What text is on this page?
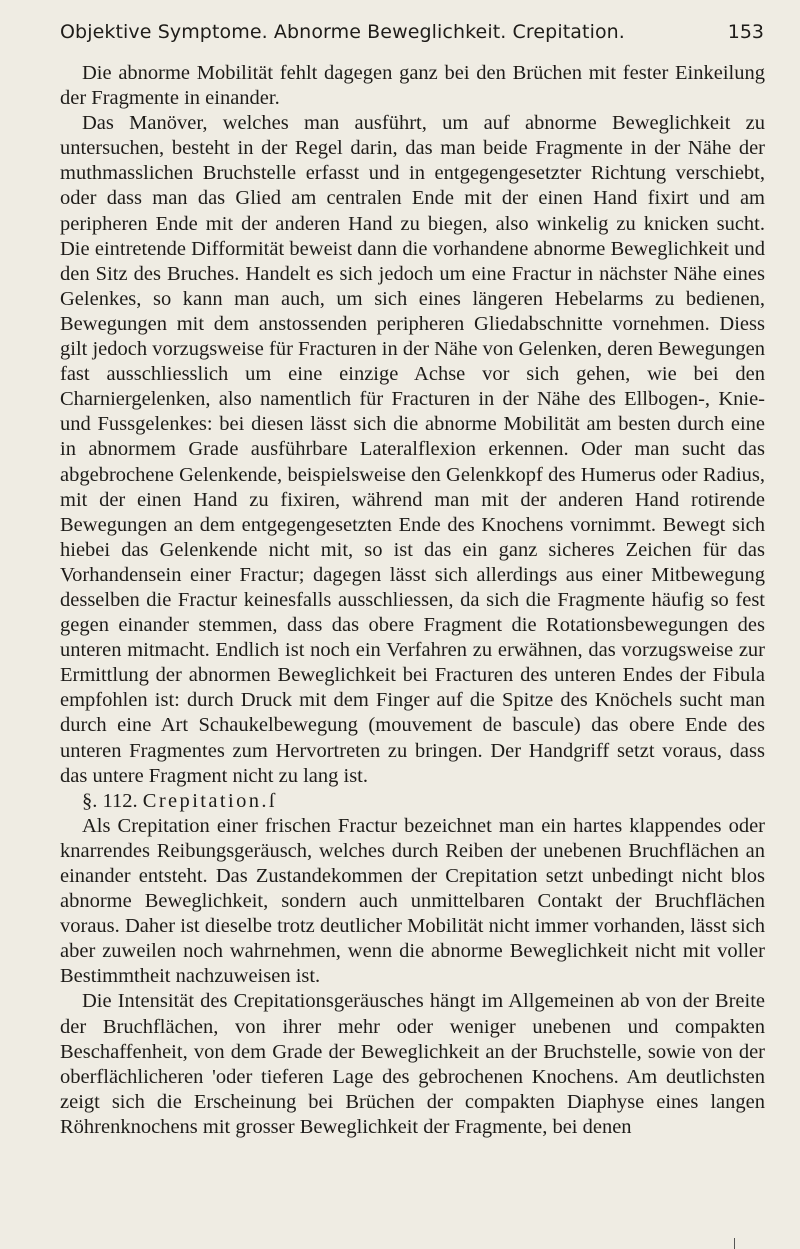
Objektive Symptome. Abnorme Beweglichkeit. Crepitation.	153

Die abnorme Mobilität fehlt dagegen ganz bei den Brüchen mit fester Einkeilung der Fragmente in einander.

Das Manöver, welches man ausführt, um auf abnorme Beweglichkeit zu untersuchen, besteht in der Regel darin, das man beide Fragmente in der Nähe der muthmasslichen Bruchstelle erfasst und in entgegengesetzter Richtung verschiebt, oder dass man das Glied am centralen Ende mit der einen Hand fixirt und am peripheren Ende mit der anderen Hand zu biegen, also winkelig zu knicken sucht. Die eintretende Difformität beweist dann die vorhandene abnorme Beweglichkeit und den Sitz des Bruches. Handelt es sich jedoch um eine Fractur in nächster Nähe eines Gelenkes, so kann man auch, um sich eines längeren Hebelarms zu bedienen, Bewegungen mit dem anstossenden peripheren Gliedabschnitte vornehmen. Diess gilt jedoch vorzugsweise für Fracturen in der Nähe von Gelenken, deren Bewegungen fast ausschliesslich um eine einzige Achse vor sich gehen, wie bei den Charniergelenken, also namentlich für Fracturen in der Nähe des Ellbogen-, Knie- und Fussgelenkes: bei diesen lässt sich die abnorme Mobilität am besten durch eine in abnormem Grade ausführbare Lateralflexion erkennen. Oder man sucht das abgebrochene Gelenkende, beispielsweise den Gelenkkopf des Humerus oder Radius, mit der einen Hand zu fixiren, während man mit der anderen Hand rotirende Bewegungen an dem entgegengesetzten Ende des Knochens vornimmt. Bewegt sich hiebei das Gelenkende nicht mit, so ist das ein ganz sicheres Zeichen für das Vorhandensein einer Fractur; dagegen lässt sich allerdings aus einer Mitbewegung desselben die Fractur keinesfalls ausschliessen, da sich die Fragmente häufig so fest gegen einander stemmen, dass das obere Fragment die Rotationsbewegungen des unteren mitmacht. Endlich ist noch ein Verfahren zu erwähnen, das vorzugsweise zur Ermittlung der abnormen Beweglichkeit bei Fracturen des unteren Endes der Fibula empfohlen ist: durch Druck mit dem Finger auf die Spitze des Knöchels sucht man durch eine Art Schaukelbewegung (mouvement de bascule) das obere Ende des unteren Fragmentes zum Hervortreten zu bringen. Der Handgriff setzt voraus, dass das untere Fragment nicht zu lang ist.

§. 112. Crepitation.ſ

Als Crepitation einer frischen Fractur bezeichnet man ein hartes klappendes oder knarrendes Reibungsgeräusch, welches durch Reiben der unebenen Bruchflächen an einander entsteht. Das Zustandekommen der Crepitation setzt unbedingt nicht blos abnorme Beweglichkeit, sondern auch unmittelbaren Contakt der Bruchflächen voraus. Daher ist dieselbe trotz deutlicher Mobilität nicht immer vorhanden, lässt sich aber zuweilen noch wahrnehmen, wenn die abnorme Beweglichkeit nicht mit voller Bestimmtheit nachzuweisen ist.

Die Intensität des Crepitationsgeräusches hängt im Allgemeinen ab von der Breite der Bruchflächen, von ihrer mehr oder weniger unebenen und compakten Beschaffenheit, von dem Grade der Beweglichkeit an der Bruchstelle, sowie von der oberflächlicheren 'oder tieferen Lage des gebrochenen Knochens. Am deutlichsten zeigt sich die Erscheinung bei Brüchen der compakten Diaphyse eines langen Röhrenknochens mit grosser Beweglichkeit der Fragmente, bei denen
